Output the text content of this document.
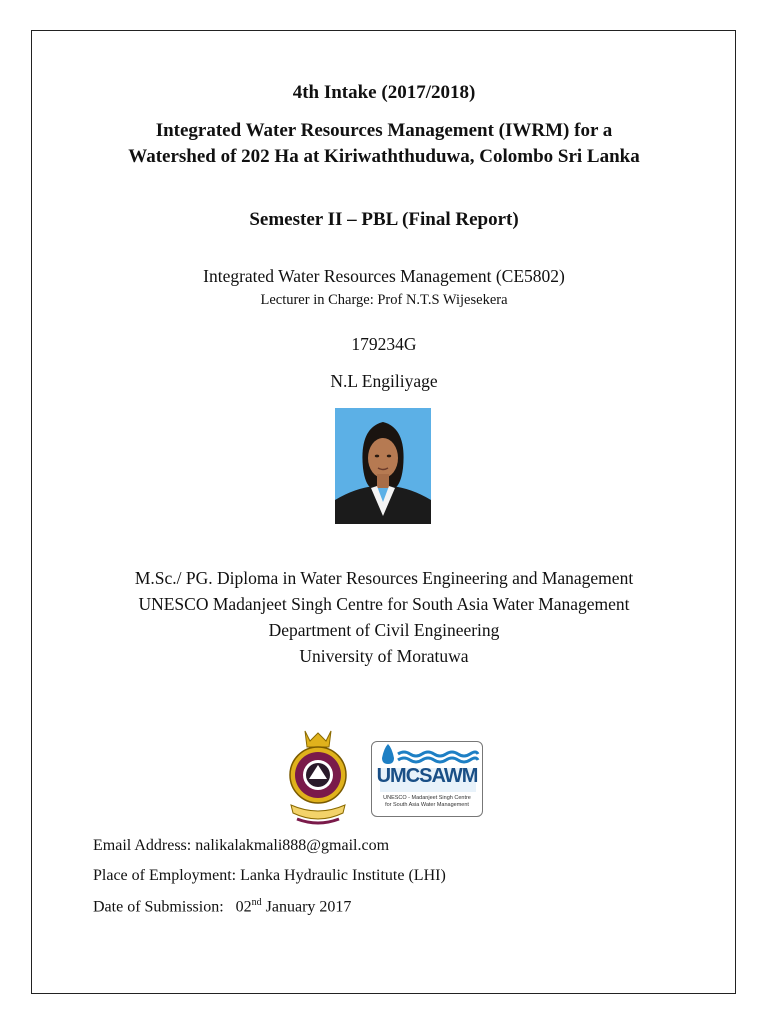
4th Intake (2017/2018)
Integrated Water Resources Management (IWRM) for a
Watershed of 202 Ha at Kiriwaththuduwa, Colombo Sri Lanka
Semester II – PBL (Final Report)
Integrated Water Resources Management (CE5802)
Lecturer in Charge: Prof N.T.S Wijesekera
179234G
N.L Engiliyage
M.Sc./ PG. Diploma in Water Resources Engineering and Management
UNESCO Madanjeet Singh Centre for South Asia Water Management
Department of Civil Engineering
University of Moratuwa
UMCSAWM
UNESCO - Madanjeet Singh Centre
for South Asia Water Management
Email Address: nalikalakmali888@gmail.com
Place of Employment: Lanka Hydraulic Institute (LHI)
Date of Submission: 02nd January 2017
